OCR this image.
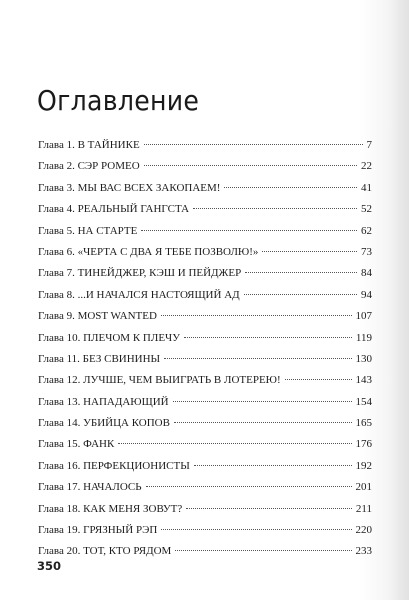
Оглавление
Глава 1. В ТАЙНИКЕ	7
Глава 2. СЭР РОМЕО	22
Глава 3. МЫ ВАС ВСЕХ ЗАКОПАЕМ!	41
Глава 4. РЕАЛЬНЫЙ ГАНГСТА	52
Глава 5. НА СТАРТЕ	62
Глава 6. «ЧЕРТА С ДВА Я ТЕБЕ ПОЗВОЛЮ!»	73
Глава 7. ТИНЕЙДЖЕР, КЭШ И ПЕЙДЖЕР	84
Глава 8. ...И НАЧАЛСЯ НАСТОЯЩИЙ АД	94
Глава 9. MOST WANTED	107
Глава 10. ПЛЕЧОМ К ПЛЕЧУ	119
Глава 11. БЕЗ СВИНИНЫ	130
Глава 12. ЛУЧШЕ, ЧЕМ ВЫИГРАТЬ В ЛОТЕРЕЮ!	143
Глава 13. НАПАДАЮЩИЙ	154
Глава 14. УБИЙЦА КОПОВ	165
Глава 15. ФАНК	176
Глава 16. ПЕРФЕКЦИОНИСТЫ	192
Глава 17. НАЧАЛОСЬ	201
Глава 18. КАК МЕНЯ ЗОВУТ?	211
Глава 19. ГРЯЗНЫЙ РЭП	220
Глава 20. ТОТ, КТО РЯДОМ	233

350
